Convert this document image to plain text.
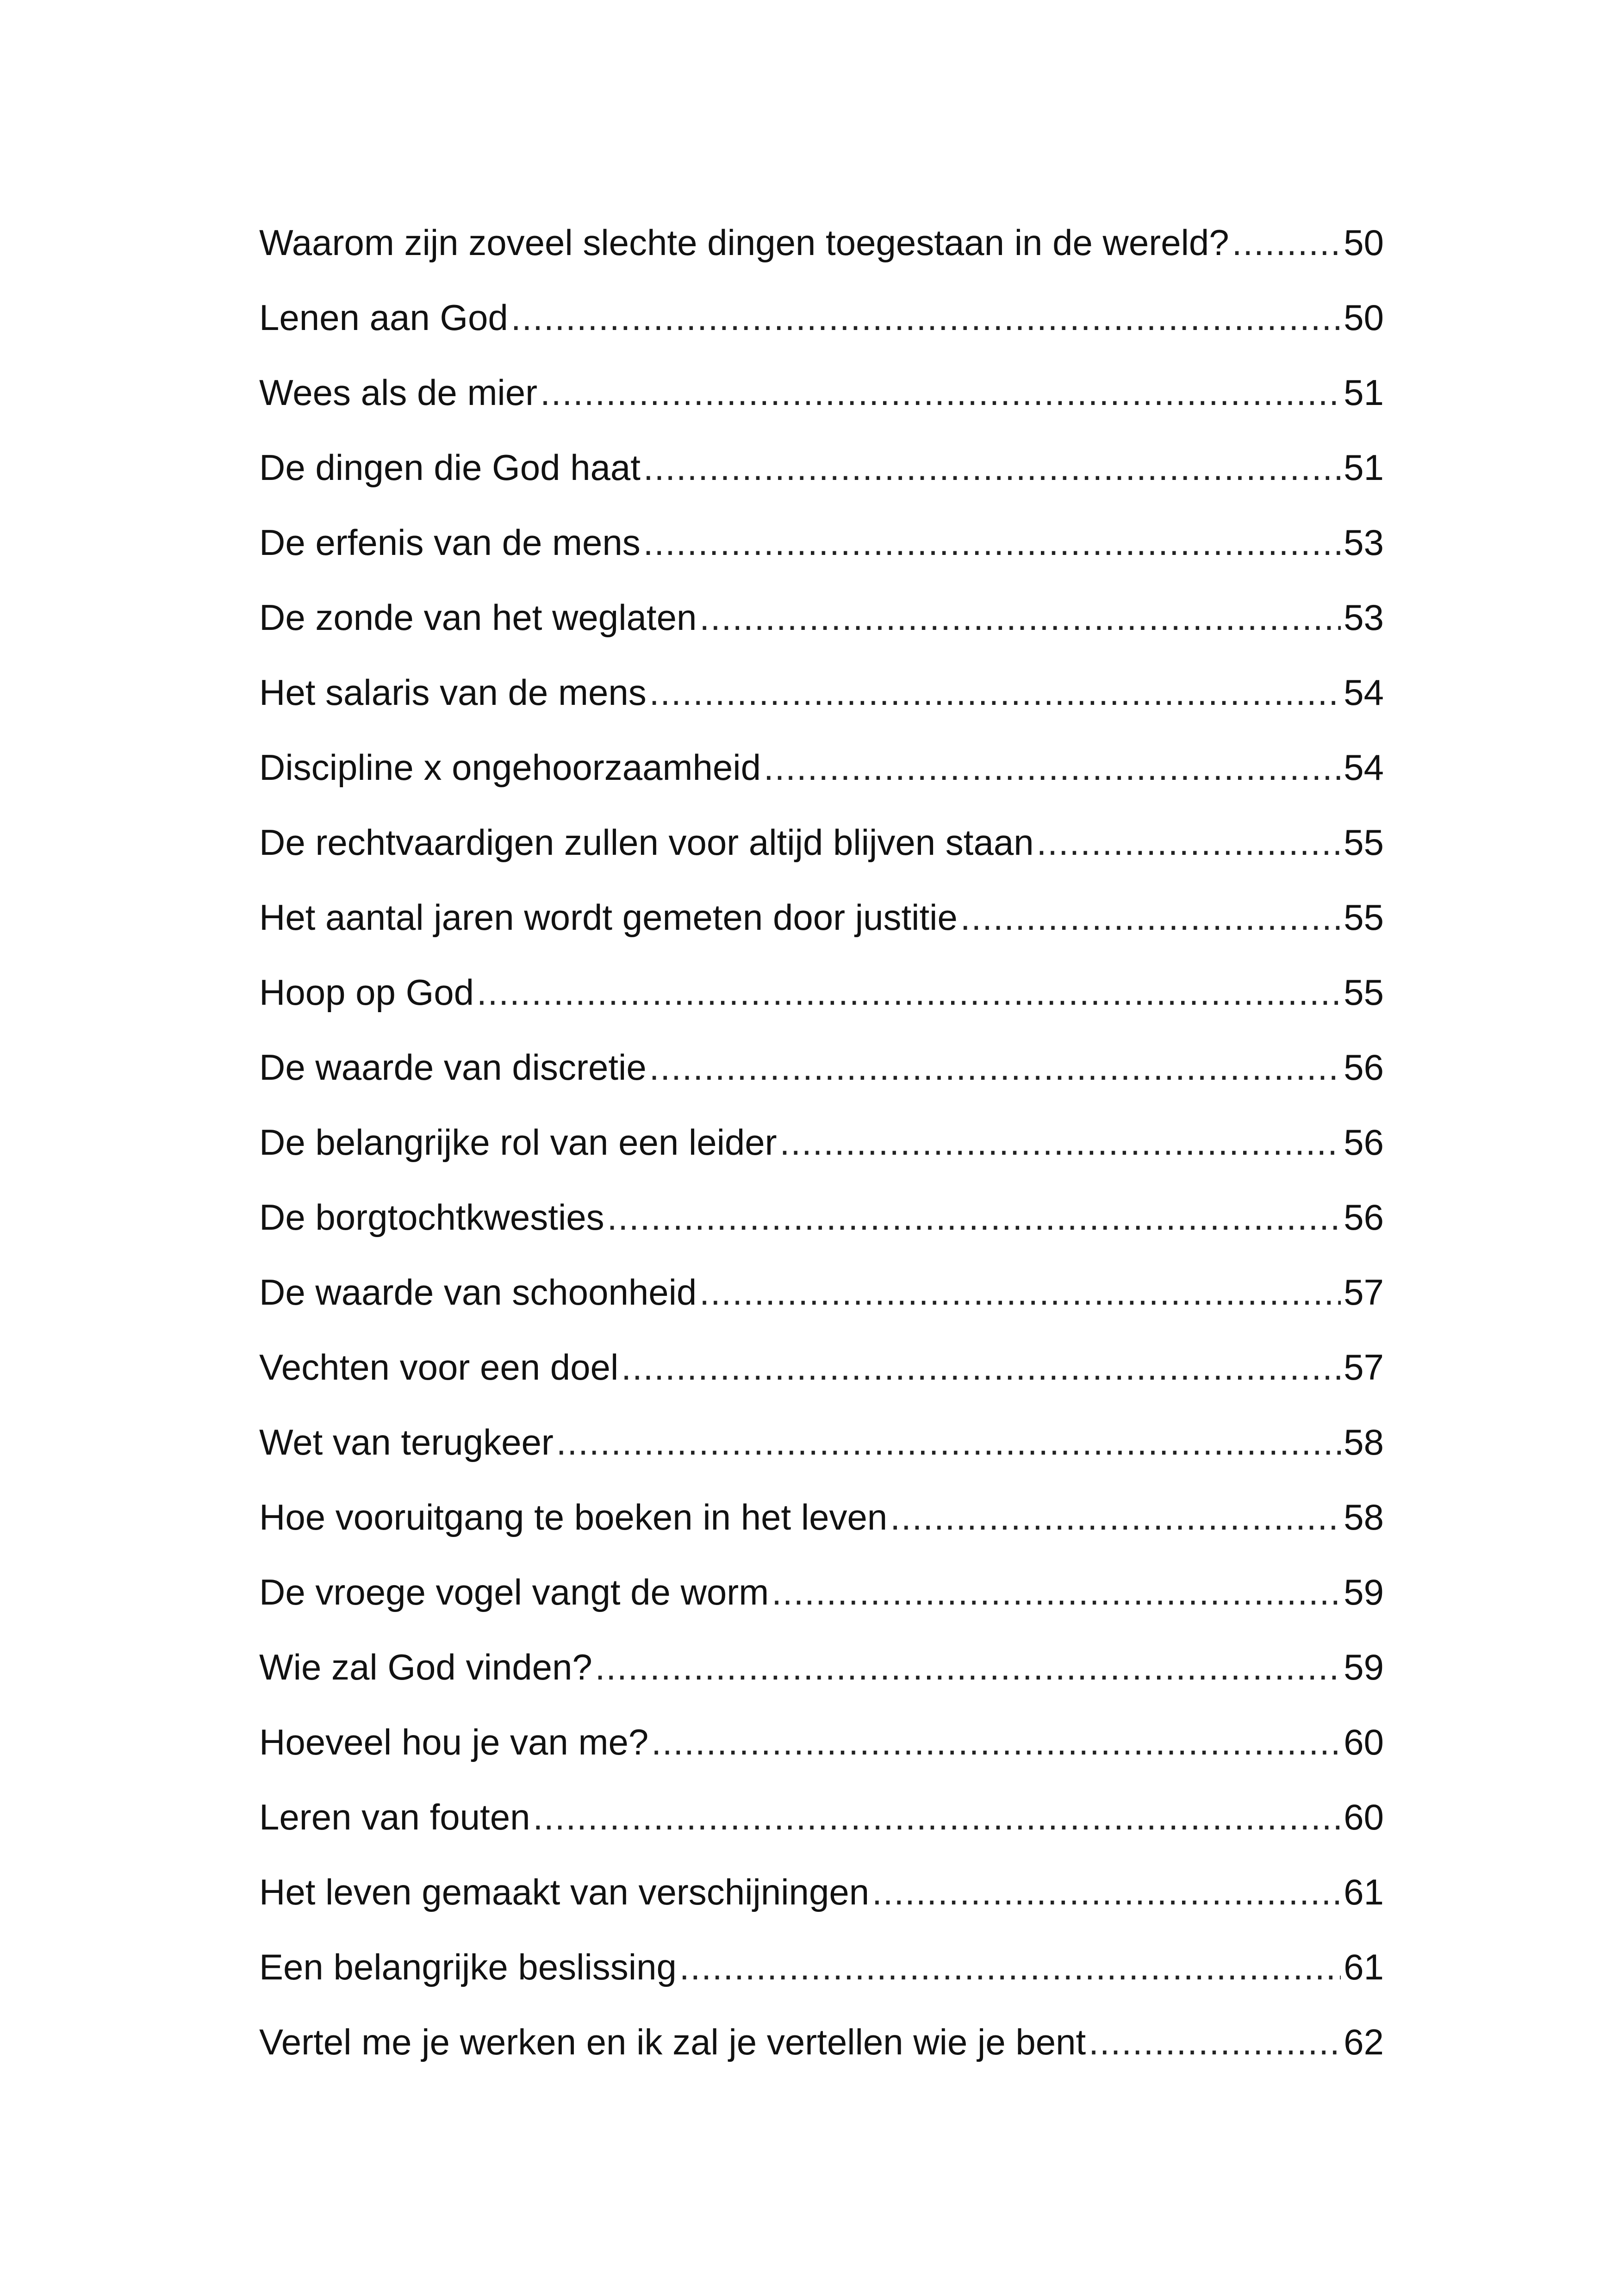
Waarom zijn zoveel slechte dingen toegestaan in de wereld? .....	50
Lenen aan God .....	50
Wees als de mier .....	51
De dingen die God haat .....	51
De erfenis van de mens .....	53
De zonde van het weglaten .....	53
Het salaris van de mens .....	54
Discipline x ongehoorzaamheid .....	54
De rechtvaardigen zullen voor altijd blijven staan .....	55
Het aantal jaren wordt gemeten door justitie .....	55
Hoop op God .....	55
De waarde van discretie .....	56
De belangrijke rol van een leider .....	56
De borgtochtkwesties .....	56
De waarde van schoonheid .....	57
Vechten voor een doel .....	57
Wet van terugkeer .....	58
Hoe vooruitgang te boeken in het leven .....	58
De vroege vogel vangt de worm .....	59
Wie zal God vinden? .....	59
Hoeveel hou je van me? .....	60
Leren van fouten .....	60
Het leven gemaakt van verschijningen .....	61
Een belangrijke beslissing .....	61
Vertel me je werken en ik zal je vertellen wie je bent .....	62
